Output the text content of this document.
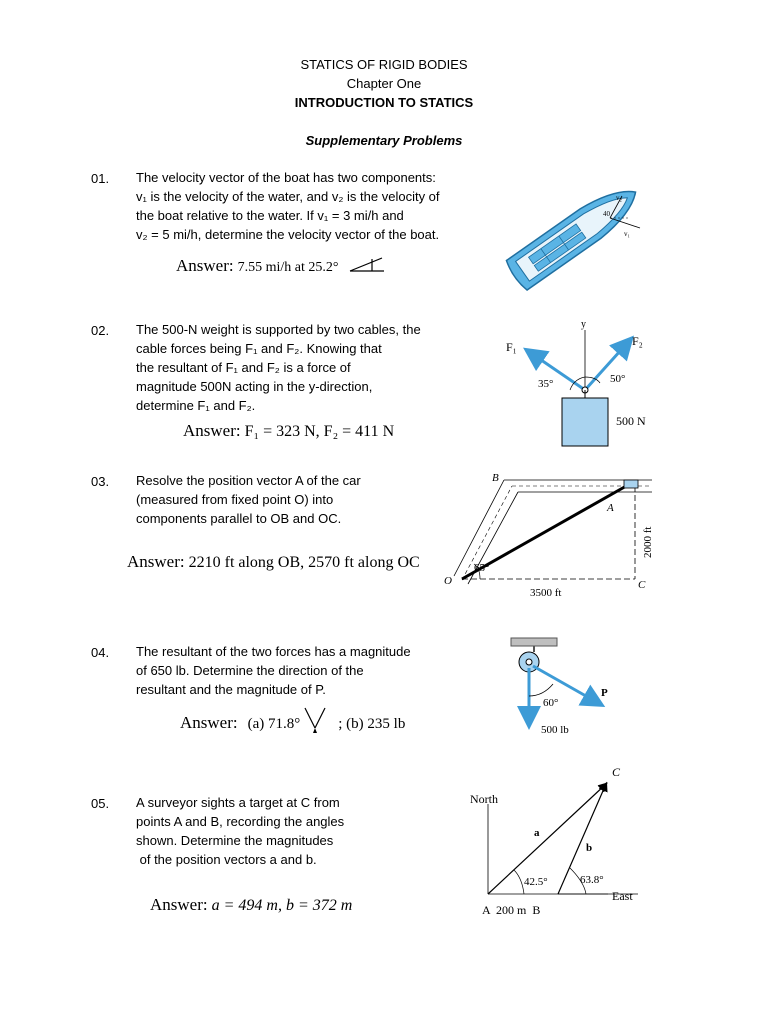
STATICS OF RIGID BODIES
Chapter One
INTRODUCTION TO STATICS
Supplementary Problems
01. The velocity vector of the boat has two components:
v₁ is the velocity of the water, and v₂ is the velocity of
the boat relative to the water. If v₁ = 3 mi/h and
v₂ = 5 mi/h, determine the velocity vector of the boat.
Answer: 7.55 mi/h at 25.2°
40
v₁
v₂
02. The 500-N weight is supported by two cables, the
cable forces being F₁ and F₂. Knowing that
the resultant of F₁ and F₂ is a force of
magnitude 500N acting in the y-direction,
determine F₁ and F₂.
Answer: F₁ = 323 N, F₂ = 411 N
y
F₁	F₂
35°	50°
500 N
03. Resolve the position vector A of the car
(measured from fixed point O) into
components parallel to OB and OC.
Answer: 2210 ft along OB, 2570 ft along OC
B
A
O	C
65°
3500 ft
2000 ft
04. The resultant of the two forces has a magnitude
of 650 lb. Determine the direction of the
resultant and the magnitude of P.
Answer: (a) 71.8°	; (b) 235 lb
60°
P
500 lb
05. A surveyor sights a target at C from
points A and B, recording the angles
shown. Determine the magnitudes
of the position vectors a and b.
Answer: a = 494 m, b = 372 m
North
C
a
b
42.5°	63.8°
East
A  200 m  B
